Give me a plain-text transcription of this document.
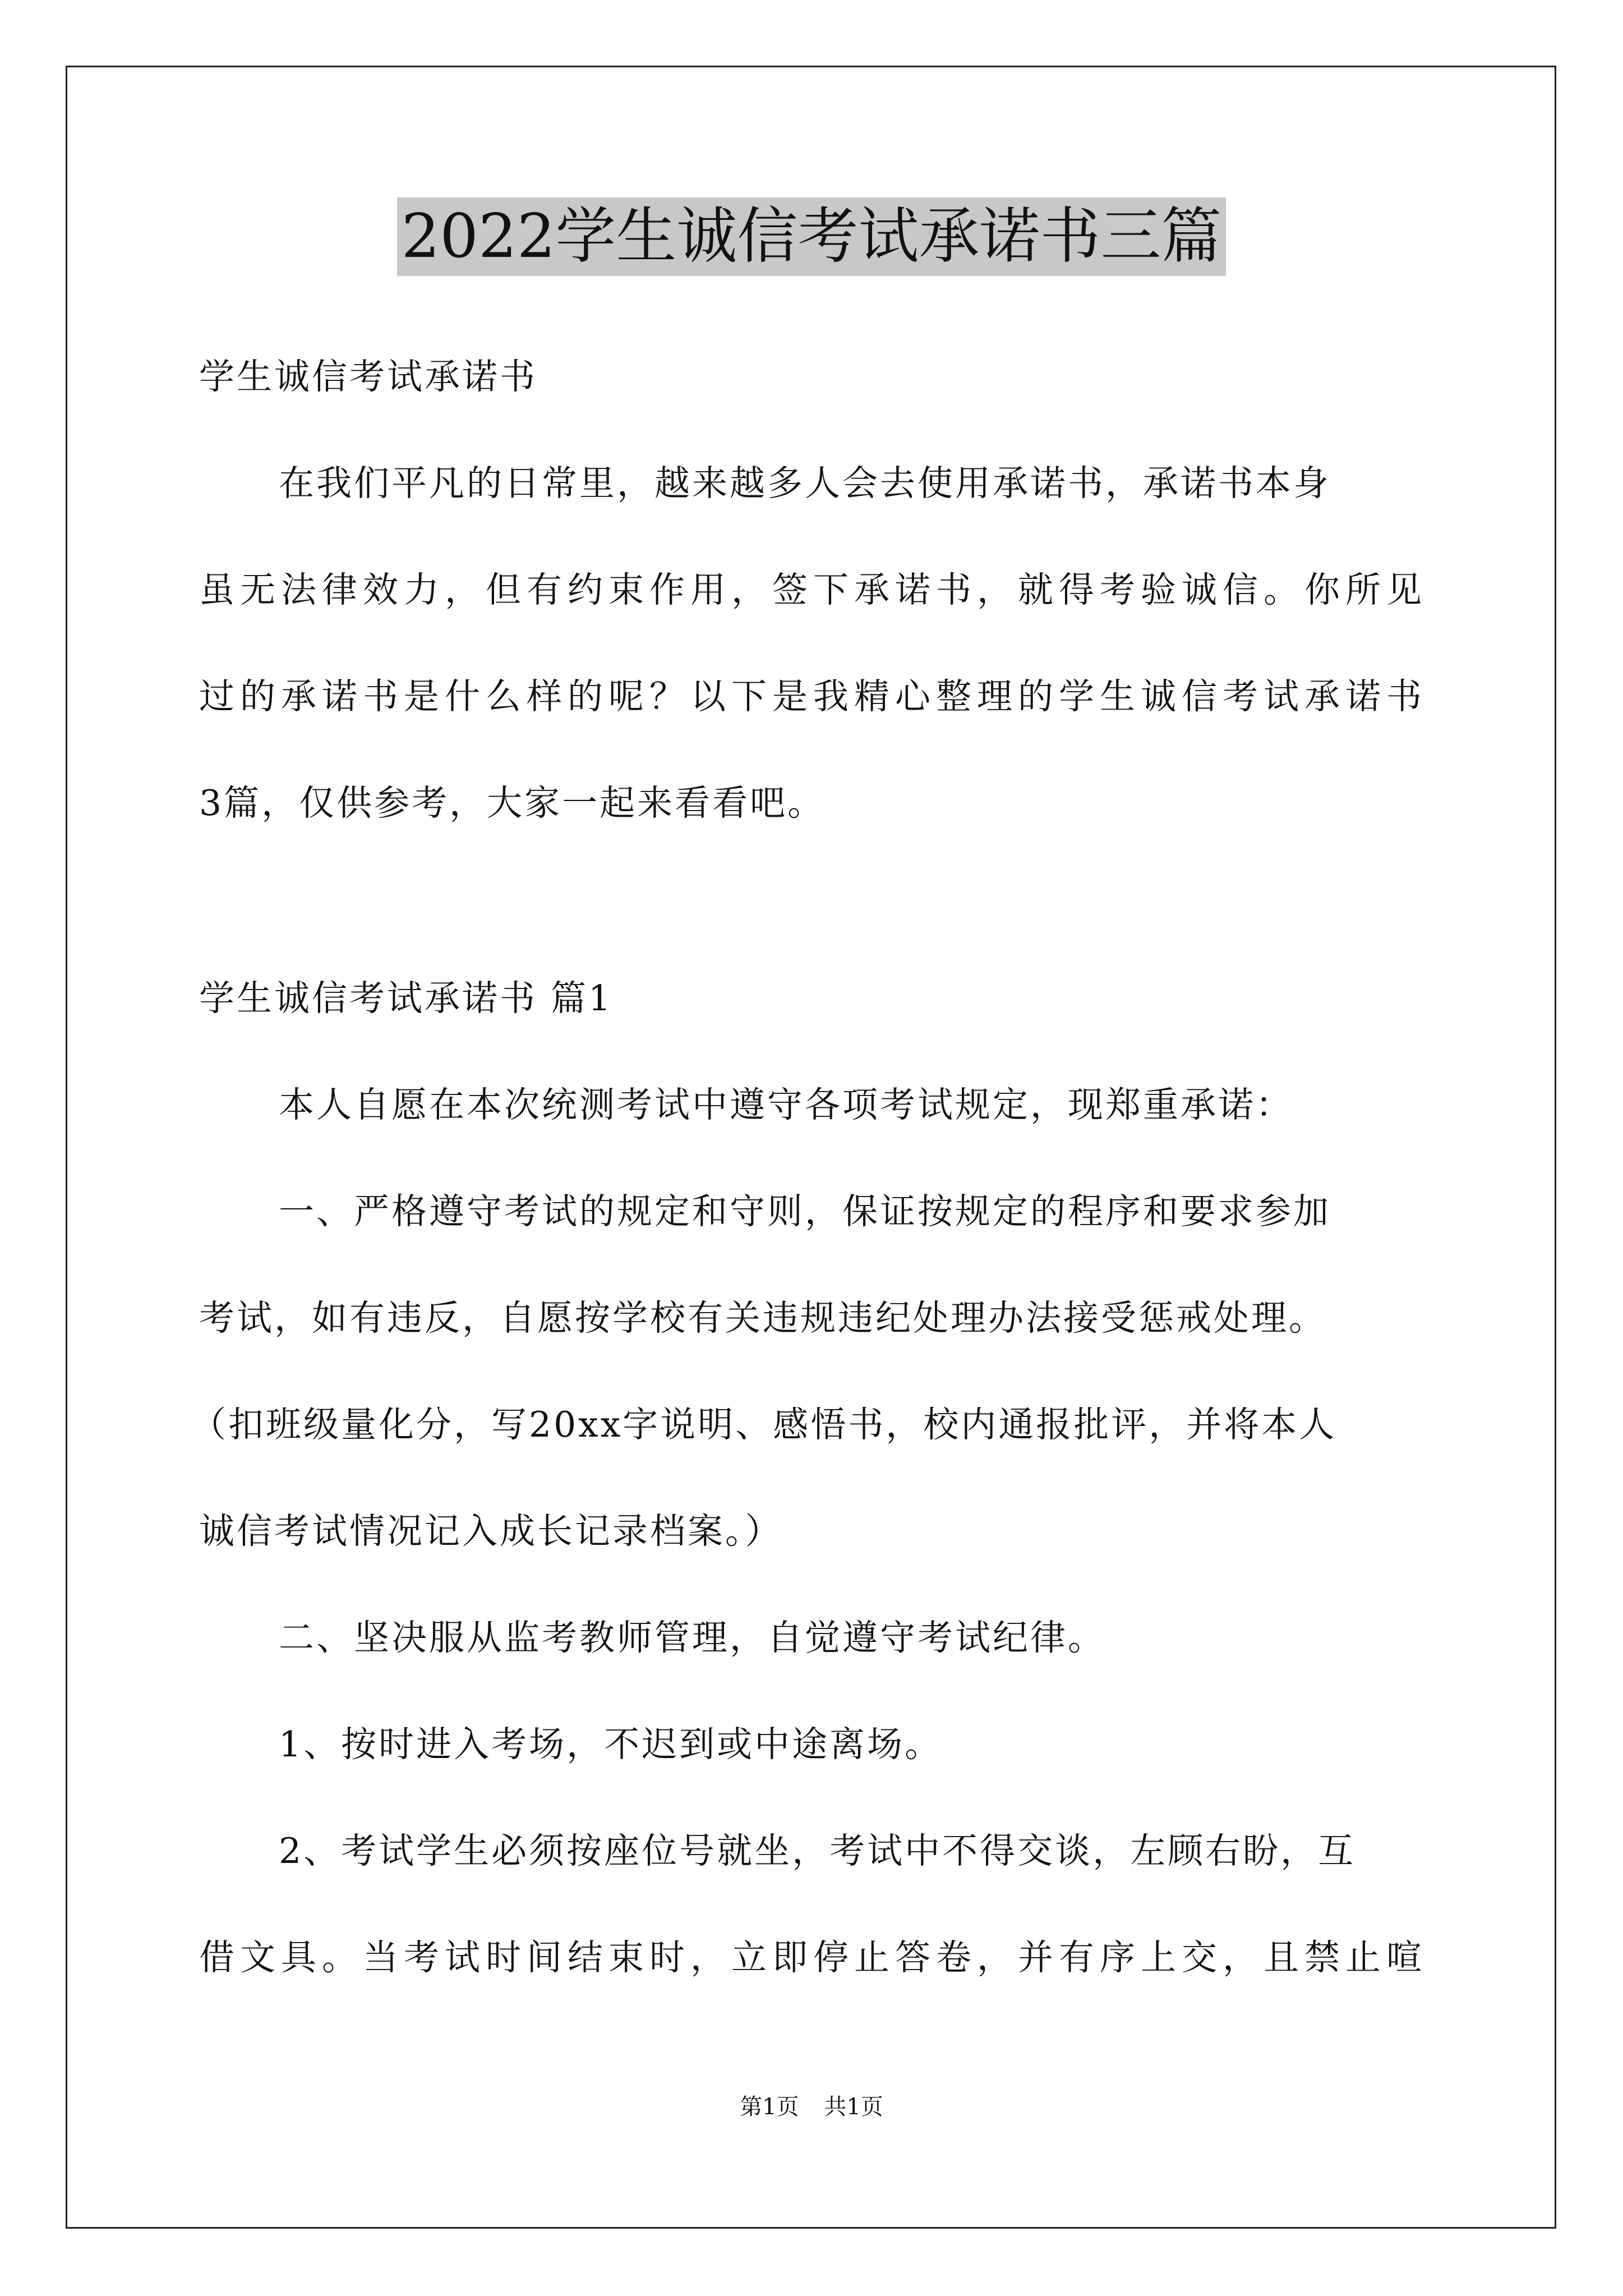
2022学生诚信考试承诺书三篇
学生诚信考试承诺书
在我们平凡的日常里，越来越多人会去使用承诺书，承诺书本身
虽无法律效力，但有约束作用，签下承诺书，就得考验诚信。你所见
过的承诺书是什么样的呢？以下是我精心整理的学生诚信考试承诺书
3篇，仅供参考，大家一起来看看吧。
学生诚信考试承诺书 篇1
本人自愿在本次统测考试中遵守各项考试规定，现郑重承诺：
一、严格遵守考试的规定和守则，保证按规定的程序和要求参加
考试，如有违反，自愿按学校有关违规违纪处理办法接受惩戒处理。
（扣班级量化分，写20xx字说明、感悟书，校内通报批评，并将本人
诚信考试情况记入成长记录档案。）
二、坚决服从监考教师管理，自觉遵守考试纪律。
1、按时进入考场，不迟到或中途离场。
2、考试学生必须按座位号就坐，考试中不得交谈，左顾右盼，互
借文具。当考试时间结束时，立即停止答卷，并有序上交，且禁止喧
第1页 共1页
